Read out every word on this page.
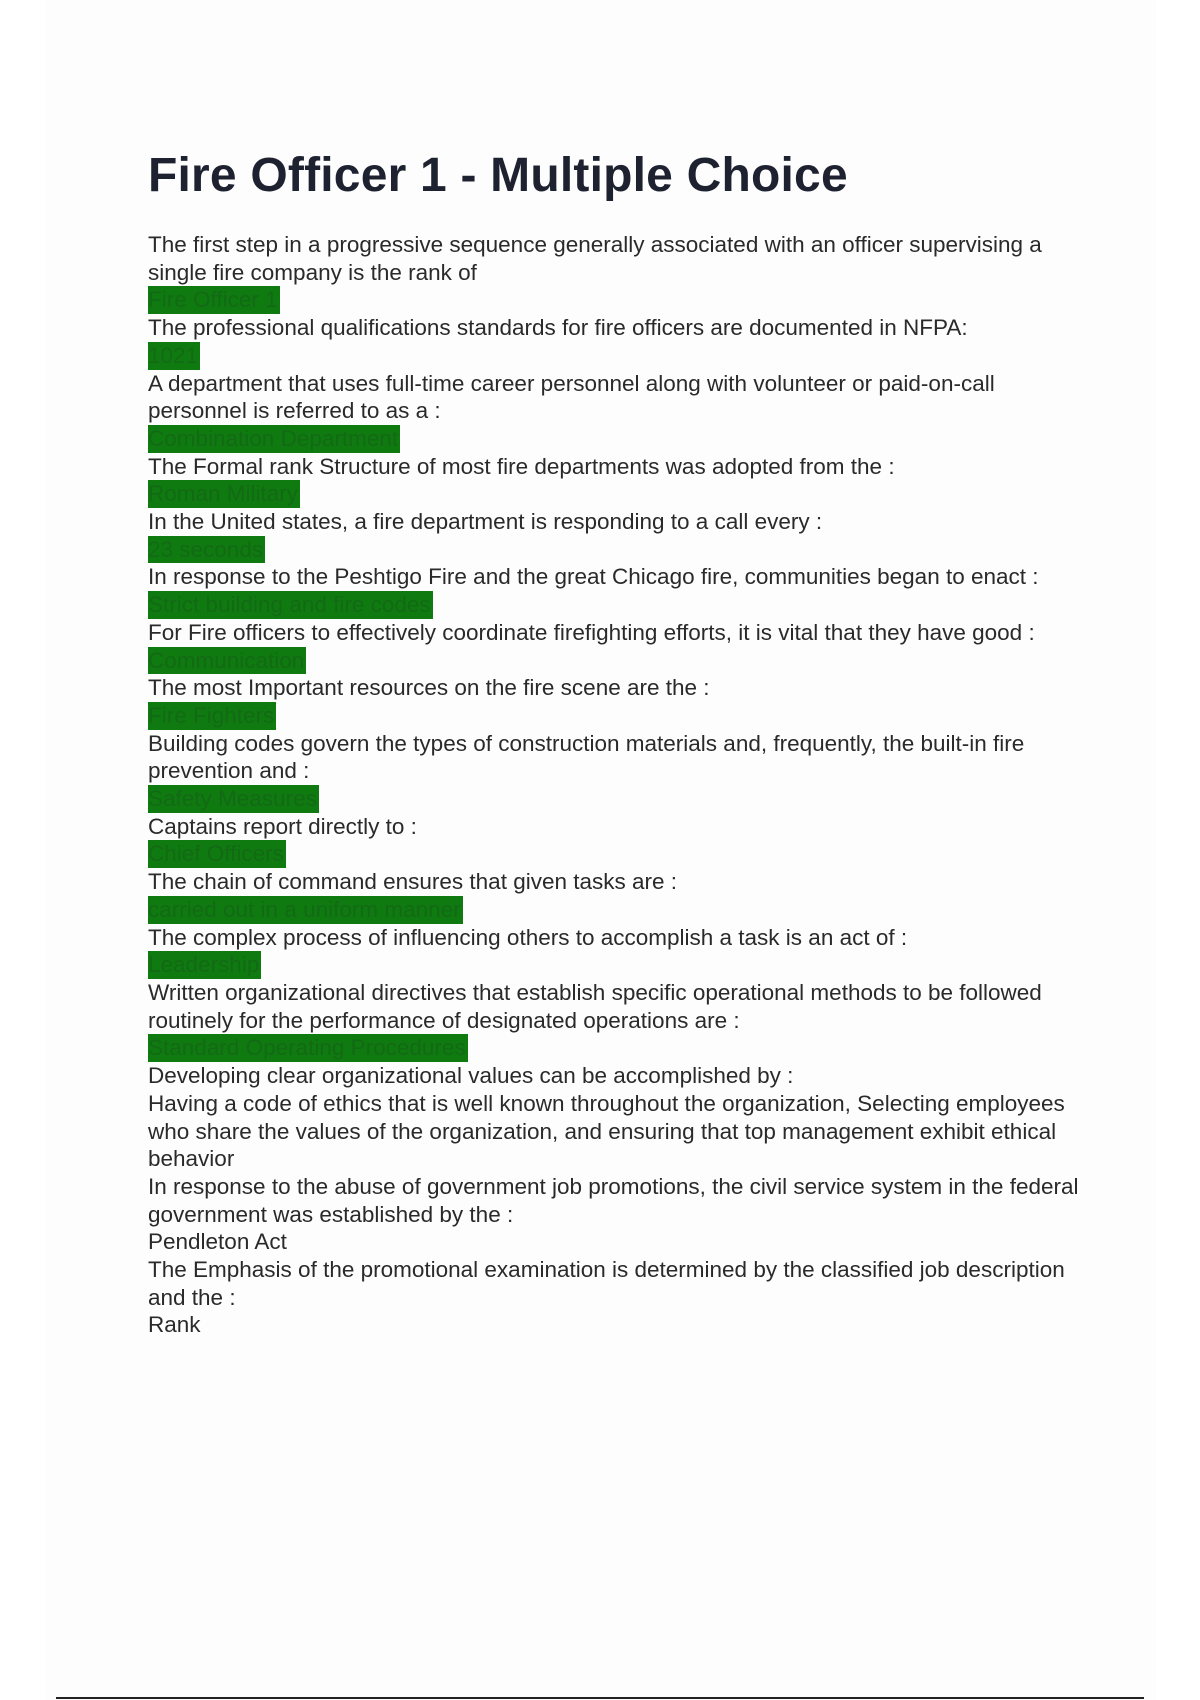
Fire Officer 1 - Multiple Choice

The first step in a progressive sequence generally associated with an officer supervising a single fire company is the rank of

Fire Officer 1

The professional qualifications standards for fire officers are documented in NFPA:

1021

A department that uses full-time career personnel along with volunteer or paid-on-call personnel is referred to as a :

Combination Department

The Formal rank Structure of most fire departments was adopted from the :

Roman Military

In the United states, a fire department is responding to a call every :

23 seconds

In response to the Peshtigo Fire and the great Chicago fire, communities began to enact :

Strict building and fire codes

For Fire officers to effectively coordinate firefighting efforts, it is vital that they have good :

Communication

The most Important resources on the fire scene are the :

Fire Fighters

Building codes govern the types of construction materials and, frequently, the built-in fire prevention and :

Safety Measures

Captains report directly to :

Chief Officers

The chain of command ensures that given tasks are :

carried out in a uniform manner

The complex process of influencing others to accomplish a task is an act of :

Leadership

Written organizational directives that establish specific operational methods to be followed routinely for the performance of designated operations are :

Standard Operating Procedures

Developing clear organizational values can be accomplished by :

Having a code of ethics that is well known throughout the organization, Selecting employees who share the values of the organization, and ensuring that top management exhibit ethical behavior

In response to the abuse of government job promotions, the civil service system in the federal government was established by the :

Pendleton Act

The Emphasis of the promotional examination is determined by the classified job description and the :

Rank
